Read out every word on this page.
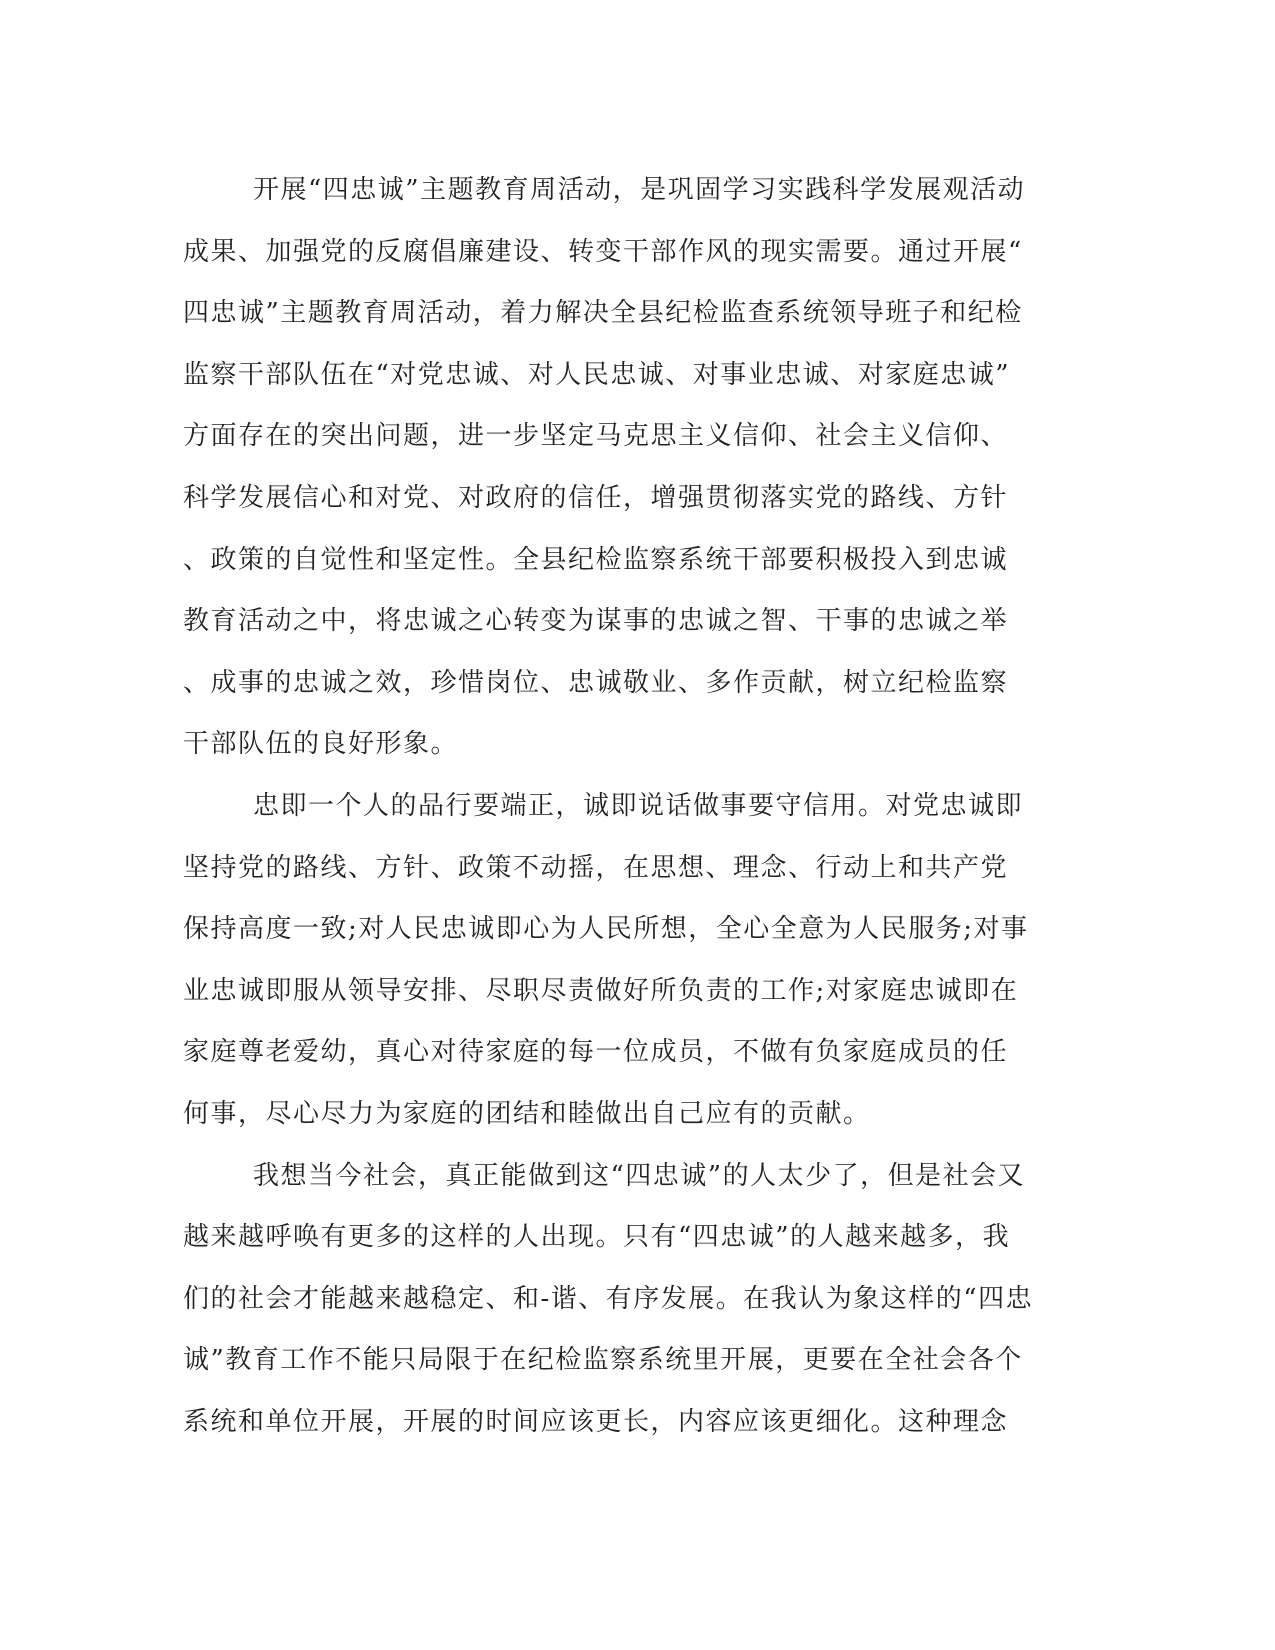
开展“四忠诚”主题教育周活动，是巩固学习实践科学发展观活动
成果、加强党的反腐倡廉建设、转变干部作风的现实需要。通过开展“
四忠诚”主题教育周活动，着力解决全县纪检监查系统领导班子和纪检
监察干部队伍在“对党忠诚、对人民忠诚、对事业忠诚、对家庭忠诚”
方面存在的突出问题，进一步坚定马克思主义信仰、社会主义信仰、
科学发展信心和对党、对政府的信任，增强贯彻落实党的路线、方针
、政策的自觉性和坚定性。全县纪检监察系统干部要积极投入到忠诚
教育活动之中，将忠诚之心转变为谋事的忠诚之智、干事的忠诚之举
、成事的忠诚之效，珍惜岗位、忠诚敬业、多作贡献，树立纪检监察
干部队伍的良好形象。

忠即一个人的品行要端正，诚即说话做事要守信用。对党忠诚即
坚持党的路线、方针、政策不动摇，在思想、理念、行动上和共产党
保持高度一致;对人民忠诚即心为人民所想，全心全意为人民服务;对事
业忠诚即服从领导安排、尽职尽责做好所负责的工作;对家庭忠诚即在
家庭尊老爱幼，真心对待家庭的每一位成员，不做有负家庭成员的任
何事，尽心尽力为家庭的团结和睦做出自己应有的贡献。

我想当今社会，真正能做到这“四忠诚”的人太少了，但是社会又
越来越呼唤有更多的这样的人出现。只有“四忠诚”的人越来越多，我
们的社会才能越来越稳定、和-谐、有序发展。在我认为象这样的“四忠
诚”教育工作不能只局限于在纪检监察系统里开展，更要在全社会各个
系统和单位开展，开展的时间应该更长，内容应该更细化。这种理念
